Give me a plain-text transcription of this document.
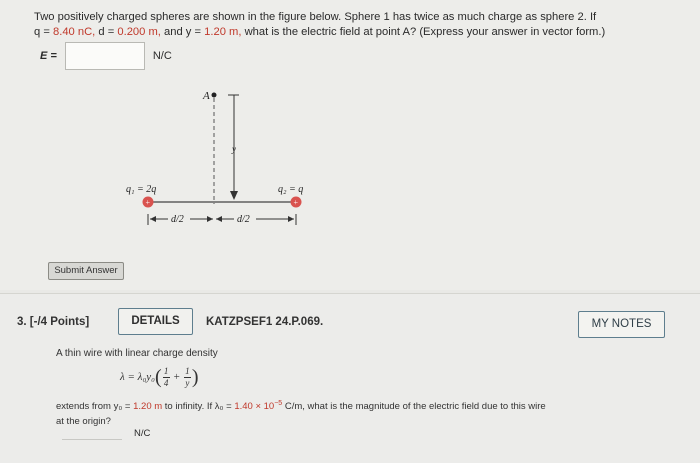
Two positively charged spheres are shown in the figure below. Sphere 1 has twice as much charge as sphere 2. If
q = 8.40 nC, d = 0.200 m, and y = 1.20 m, what is the electric field at point A? (Express your answer in vector form.)
E =	N/C
A
y
q₁ = 2q	q₂ = q
+	+
d/2	d/2
Submit Answer
3. [-/4 Points]	DETAILS	KATZPSEF1 24.P.069.	MY NOTES
A thin wire with linear charge density
λ = λ₀y₀ ( $\frac{1}{4} + \frac{1}{y}$ )
extends from y₀ = 1.20 m to infinity. If $\lambda_0 = 1.40 \times 10^{-5}$ C/m, what is the magnitude of the electric field due to this wire
at the origin?
N/C
